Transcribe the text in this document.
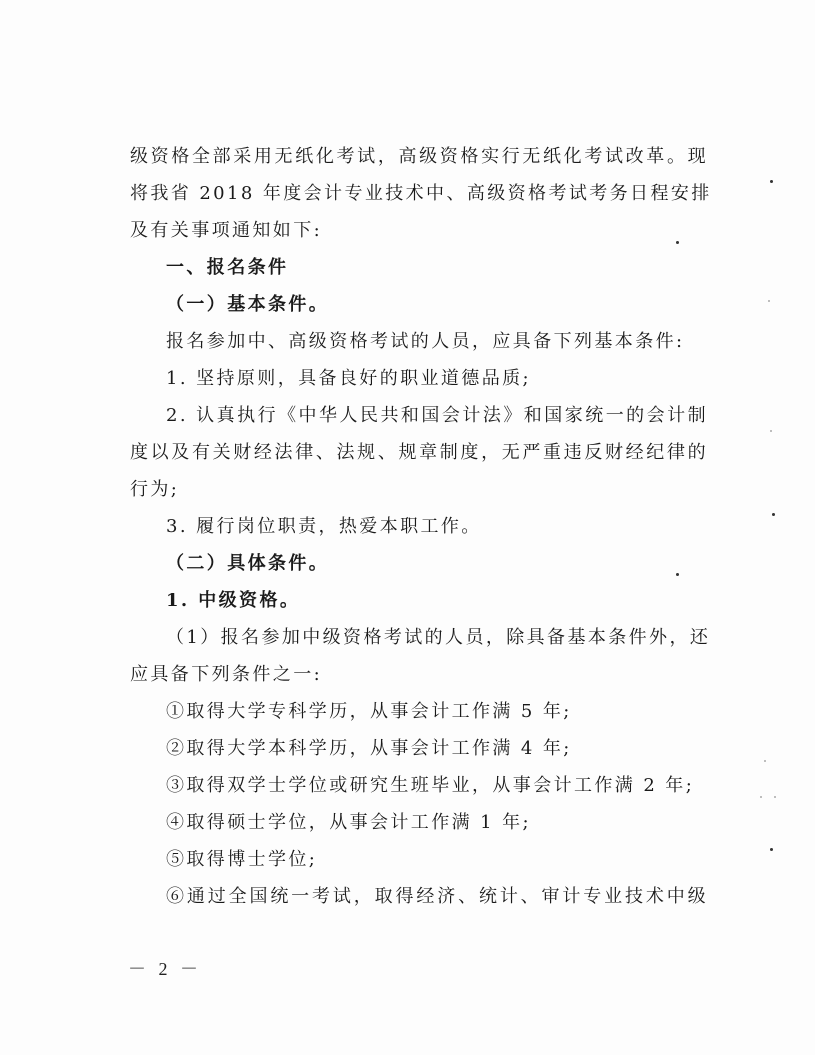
级资格全部采用无纸化考试，高级资格实行无纸化考试改革。现
将我省 2018 年度会计专业技术中、高级资格考试考务日程安排
及有关事项通知如下:
一、报名条件
（一）基本条件。
报名参加中、高级资格考试的人员，应具备下列基本条件:
1. 坚持原则，具备良好的职业道德品质;
2. 认真执行《中华人民共和国会计法》和国家统一的会计制
度以及有关财经法律、法规、规章制度，无严重违反财经纪律的
行为;
3. 履行岗位职责，热爱本职工作。
（二）具体条件。
1. 中级资格。
（1）报名参加中级资格考试的人员，除具备基本条件外，还
应具备下列条件之一:
①取得大学专科学历，从事会计工作满 5 年;
②取得大学本科学历，从事会计工作满 4 年;
③取得双学士学位或研究生班毕业，从事会计工作满 2 年;
④取得硕士学位，从事会计工作满 1 年;
⑤取得博士学位;
⑥通过全国统一考试，取得经济、统计、审计专业技术中级
－ 2 －
